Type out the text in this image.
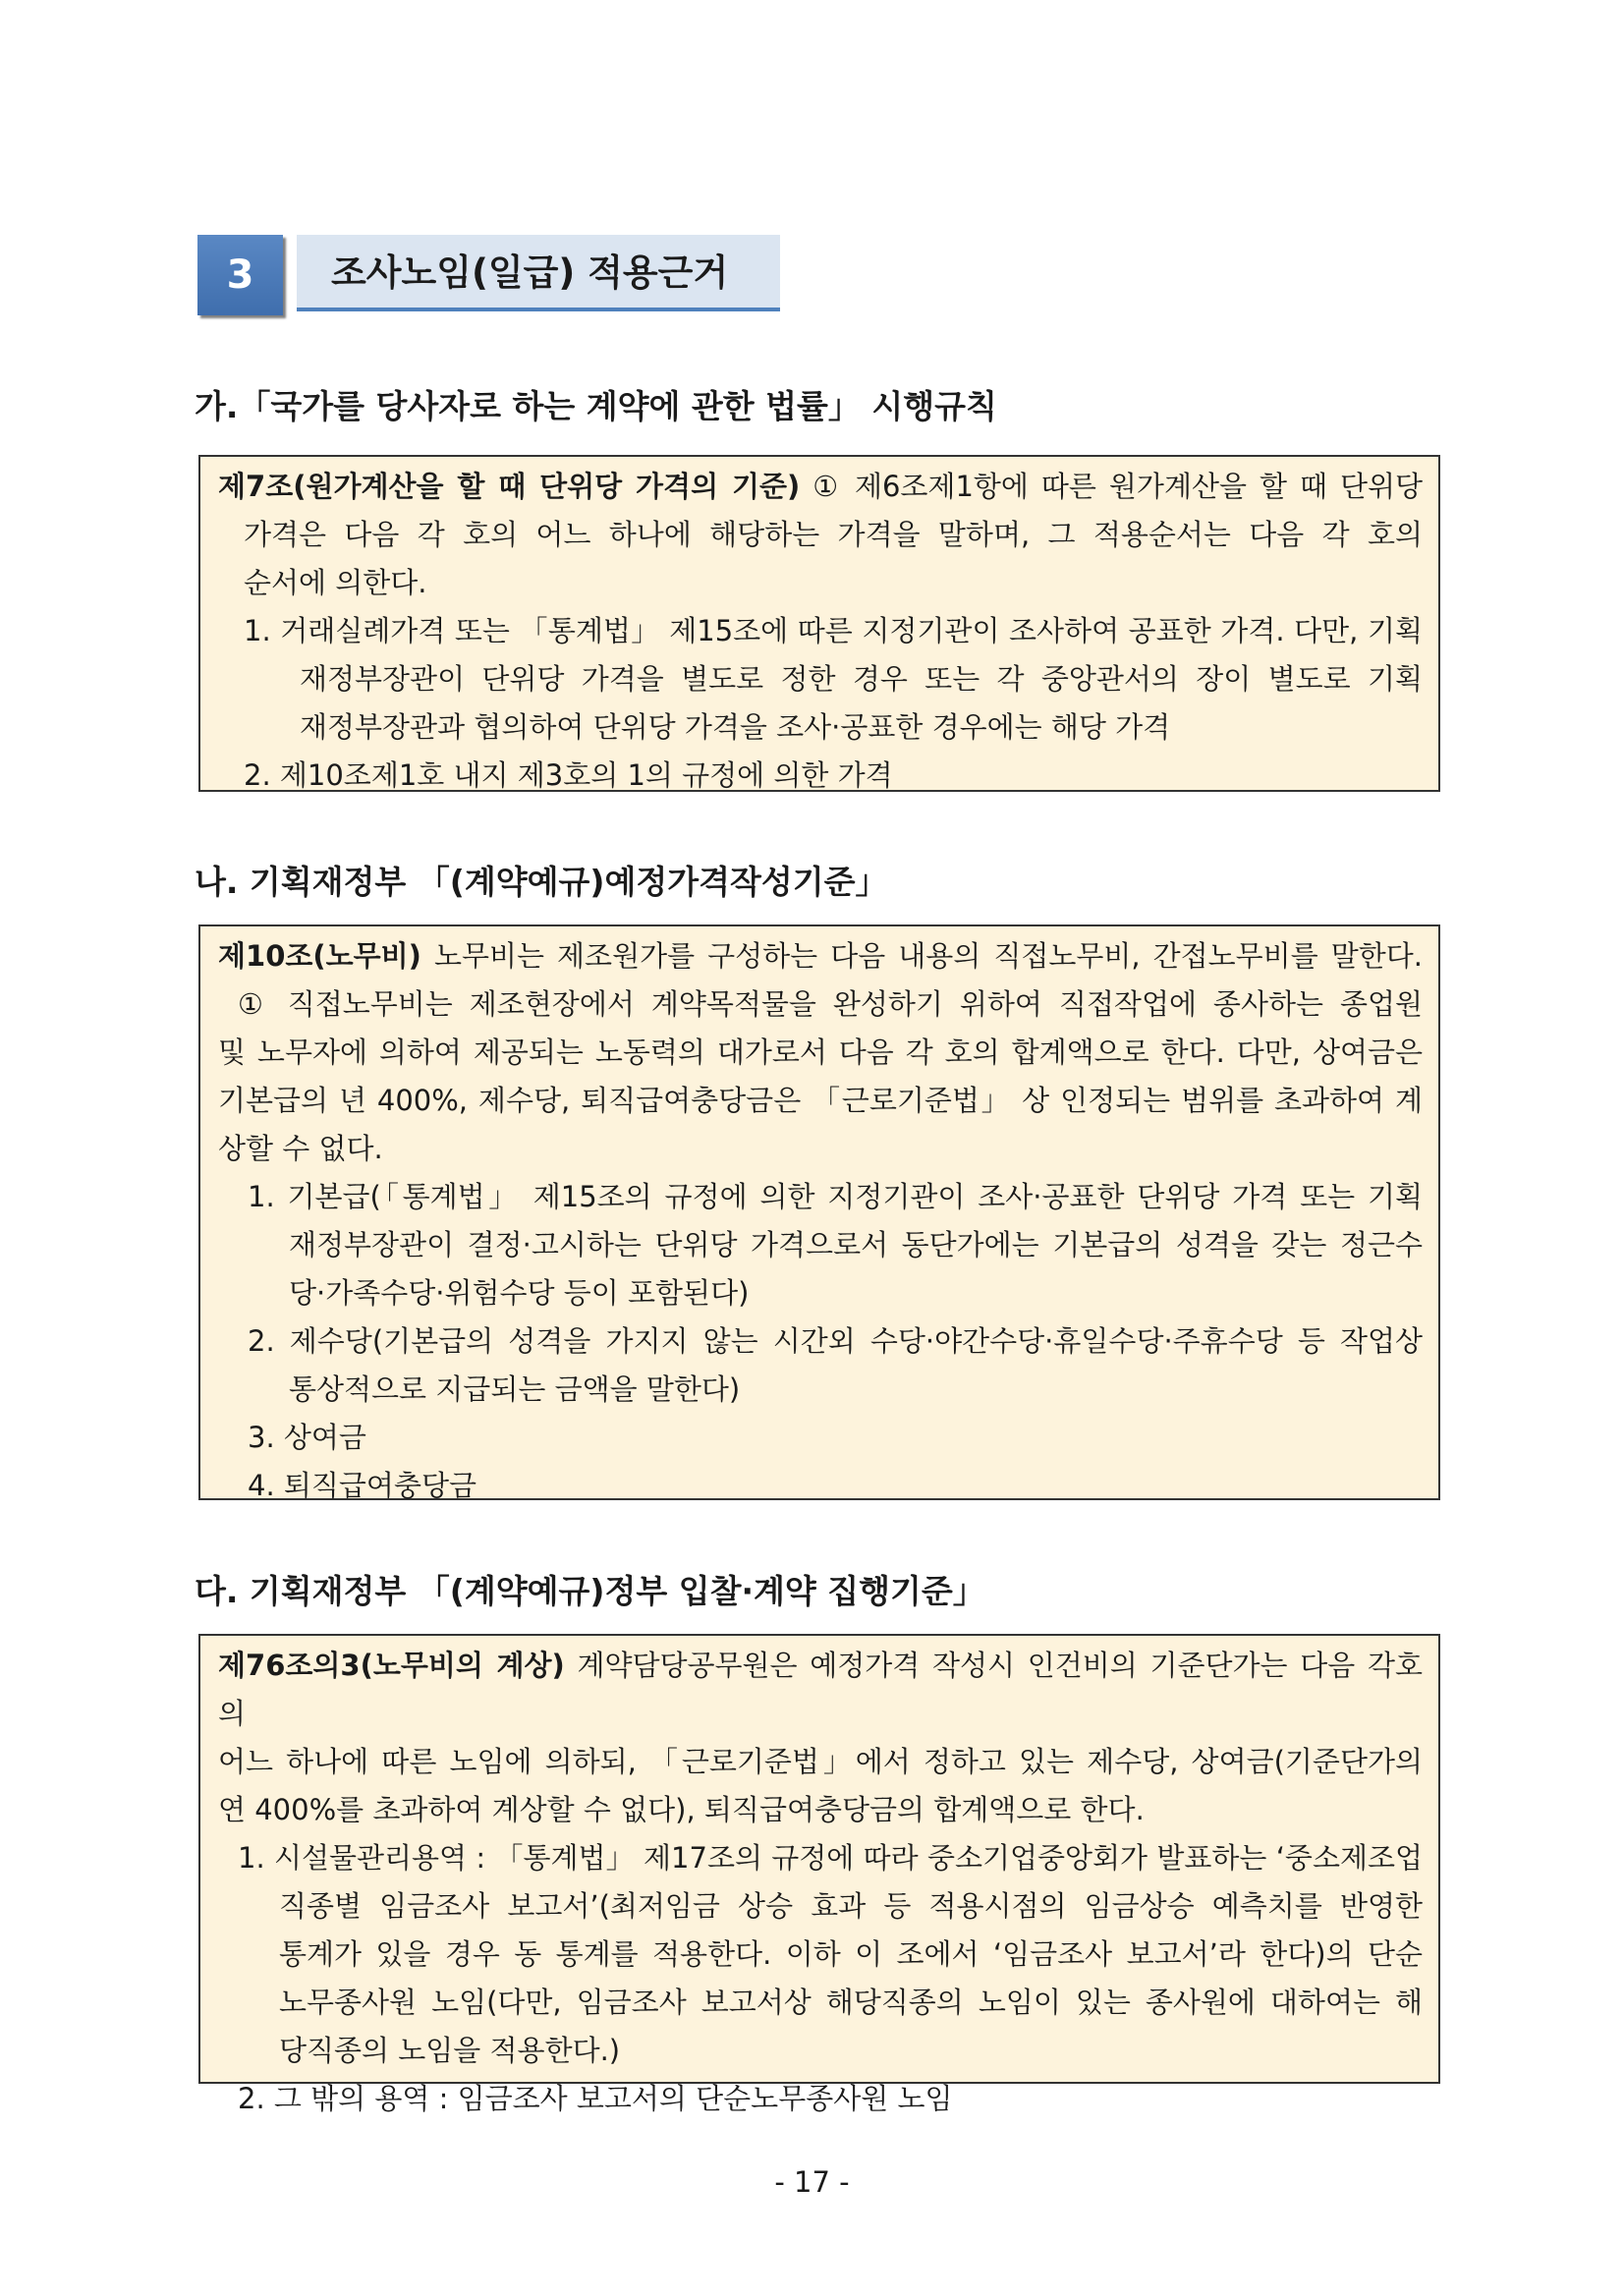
3	조사노임(일급) 적용근거
가.「국가를 당사자로 하는 계약에 관한 법률」 시행규칙

제7조(원가계산을 할 때 단위당 가격의 기준) ① 제6조제1항에 따른 원가계산을 할 때 단위당

가격은 다음 각 호의 어느 하나에 해당하는 가격을 말하며, 그 적용순서는 다음 각 호의

순서에 의한다.

1. 거래실례가격 또는 「통계법」 제15조에 따른 지정기관이 조사하여 공표한 가격. 다만, 기획

재정부장관이 단위당 가격을 별도로 정한 경우 또는 각 중앙관서의 장이 별도로 기획

재정부장관과 협의하여 단위당 가격을 조사·공표한 경우에는 해당 가격

2. 제10조제1호 내지 제3호의 1의 규정에 의한 가격

나. 기획재정부 「(계약예규)예정가격작성기준」

제10조(노무비) 노무비는 제조원가를 구성하는 다음 내용의 직접노무비, 간접노무비를 말한다.

① 직접노무비는 제조현장에서 계약목적물을 완성하기 위하여 직접작업에 종사하는 종업원

및 노무자에 의하여 제공되는 노동력의 대가로서 다음 각 호의 합계액으로 한다. 다만, 상여금은

기본급의 년 400%, 제수당, 퇴직급여충당금은 「근로기준법」 상 인정되는 범위를 초과하여 계

상할 수 없다.

1. 기본급(「통계법」 제15조의 규정에 의한 지정기관이 조사·공표한 단위당 가격 또는 기획

재정부장관이 결정·고시하는 단위당 가격으로서 동단가에는 기본급의 성격을 갖는 정근수

당·가족수당·위험수당 등이 포함된다)

2. 제수당(기본급의 성격을 가지지 않는 시간외 수당·야간수당·휴일수당·주휴수당 등 작업상

통상적으로 지급되는 금액을 말한다)

3. 상여금

4. 퇴직급여충당금

다. 기획재정부 「(계약예규)정부 입찰·계약 집행기준」

제76조의3(노무비의 계상) 계약담당공무원은 예정가격 작성시 인건비의 기준단가는 다음 각호의

어느 하나에 따른 노임에 의하되, 「근로기준법」에서 정하고 있는 제수당, 상여금(기준단가의

연 400%를 초과하여 계상할 수 없다), 퇴직급여충당금의 합계액으로 한다.

1. 시설물관리용역 : 「통계법」 제17조의 규정에 따라 중소기업중앙회가 발표하는 ‘중소제조업

직종별 임금조사 보고서’(최저임금 상승 효과 등 적용시점의 임금상승 예측치를 반영한

통계가 있을 경우 동 통계를 적용한다. 이하 이 조에서 ‘임금조사 보고서’라 한다)의 단순

노무종사원 노임(다만, 임금조사 보고서상 해당직종의 노임이 있는 종사원에 대하여는 해

당직종의 노임을 적용한다.)

2. 그 밖의 용역 : 임금조사 보고서의 단순노무종사원 노임

- 17 -
